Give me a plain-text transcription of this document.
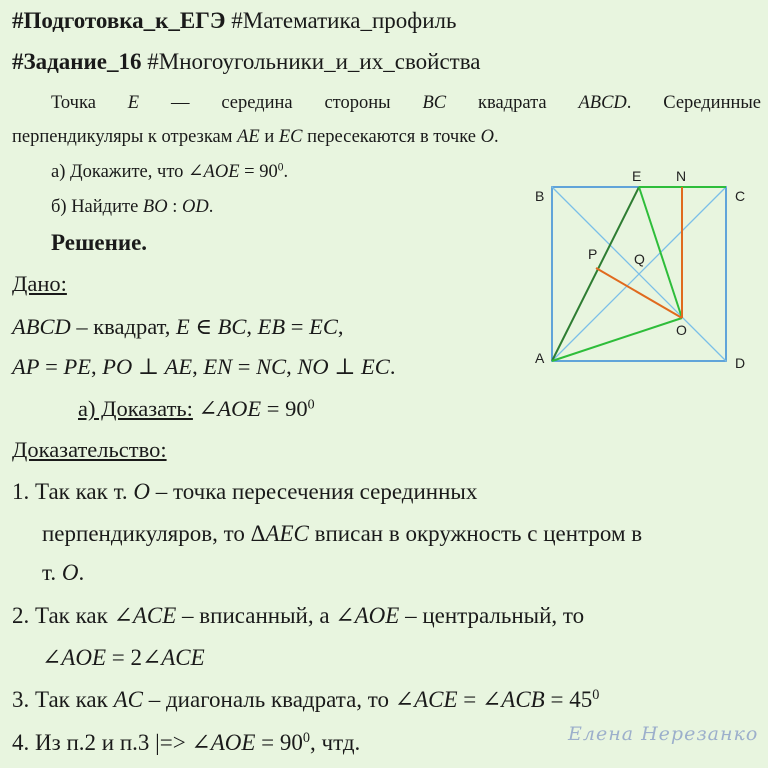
#Подготовка_к_ЕГЭ #Математика_профиль
#Задание_16 #Многоугольники_и_их_свойства
Точка E — середина стороны BC квадрата ABCD. Серединные
перпендикуляры к отрезкам AE и EC пересекаются в точке O.
а) Докажите, что ∠AOE = $90^0$.
б) Найдите BO : OD.
Решение.
Дано:
ABCD – квадрат, E ∈ BC, EB = EC,
AP = PE, PO ⊥ AE, EN = NC, NO ⊥ EC.
а) Доказать: ∠AOE = $90^0$
Доказательство:
1. Так как т. O – точка пересечения серединных
перпендикуляров, то ΔAEC вписан в окружность с центром в
т. O.
2. Так как ∠ACE – вписанный, а ∠AOE – центральный, то
∠AOE = 2∠ACE
3. Так как AC – диагональ квадрата, то ∠ACE = ∠ACB = $45^0$
4. Из п.2 и п.3 |=> ∠AOE = $90^0$, чтд.
B
E N
C
P	Q
O
A	D
Елена Нерезанко
